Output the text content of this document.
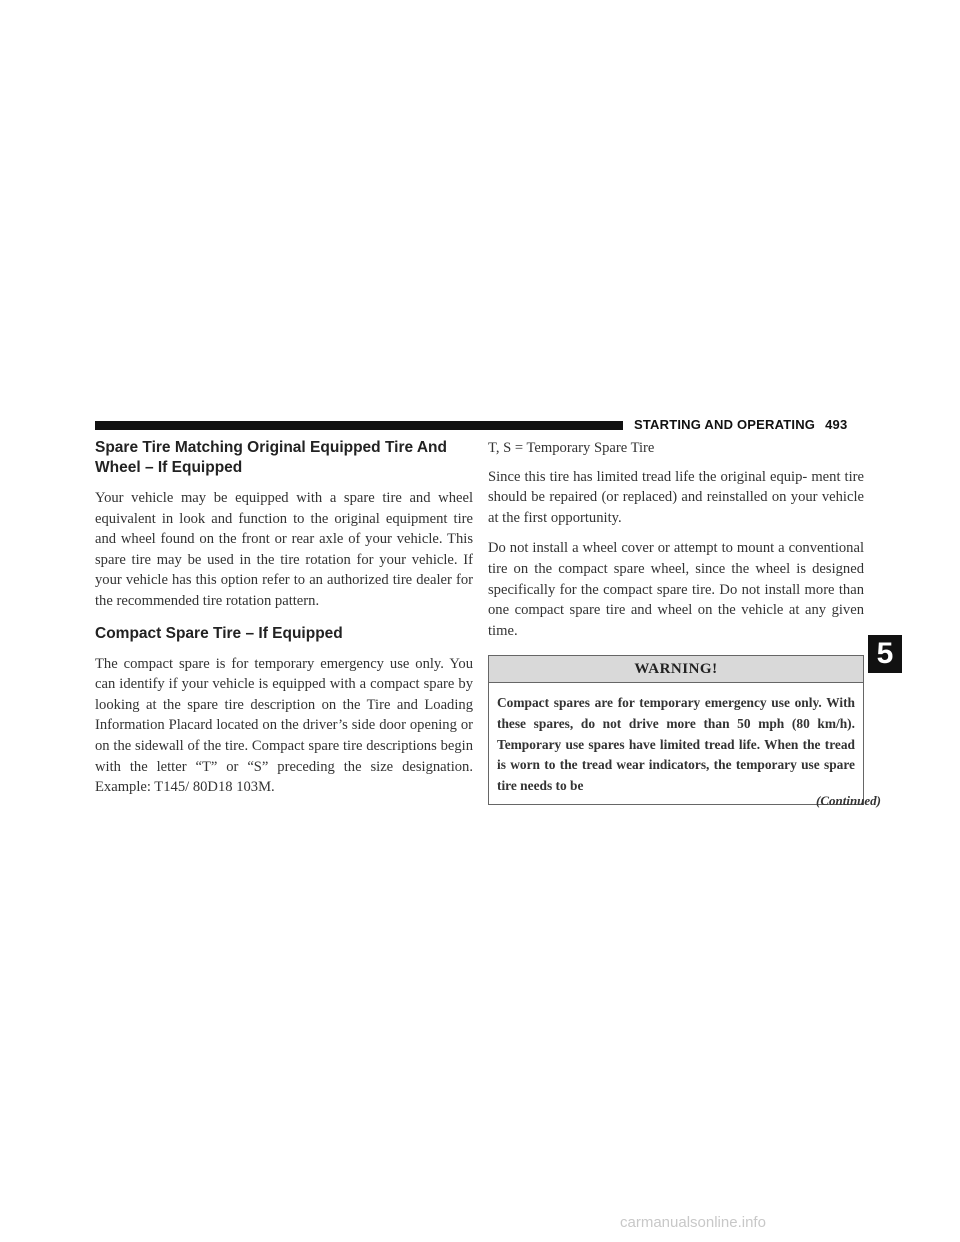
STARTING AND OPERATING 493
Spare Tire Matching Original Equipped Tire And Wheel – If Equipped

Your vehicle may be equipped with a spare tire and wheel equivalent in look and function to the original equipment tire and wheel found on the front or rear axle of your vehicle. This spare tire may be used in the tire rotation for your vehicle. If your vehicle has this option refer to an authorized tire dealer for the recommended tire rotation pattern.

Compact Spare Tire – If Equipped

The compact spare is for temporary emergency use only. You can identify if your vehicle is equipped with a compact spare by looking at the spare tire description on the Tire and Loading Information Placard located on the driver’s side door opening or on the sidewall of the tire. Compact spare tire descriptions begin with the letter “T” or “S” preceding the size designation. Example: T145/ 80D18 103M.

T, S = Temporary Spare Tire

Since this tire has limited tread life the original equip- ment tire should be repaired (or replaced) and reinstalled on your vehicle at the first opportunity.

Do not install a wheel cover or attempt to mount a conventional tire on the compact spare wheel, since the wheel is designed specifically for the compact spare tire. Do not install more than one compact spare tire and wheel on the vehicle at any given time.

WARNING!
Compact spares are for temporary emergency use only. With these spares, do not drive more than 50 mph (80 km/h). Temporary use spares have limited tread life. When the tread is worn to the tread wear indicators, the temporary use spare tire needs to be
(Continued)
5
carmanualsonline.info
